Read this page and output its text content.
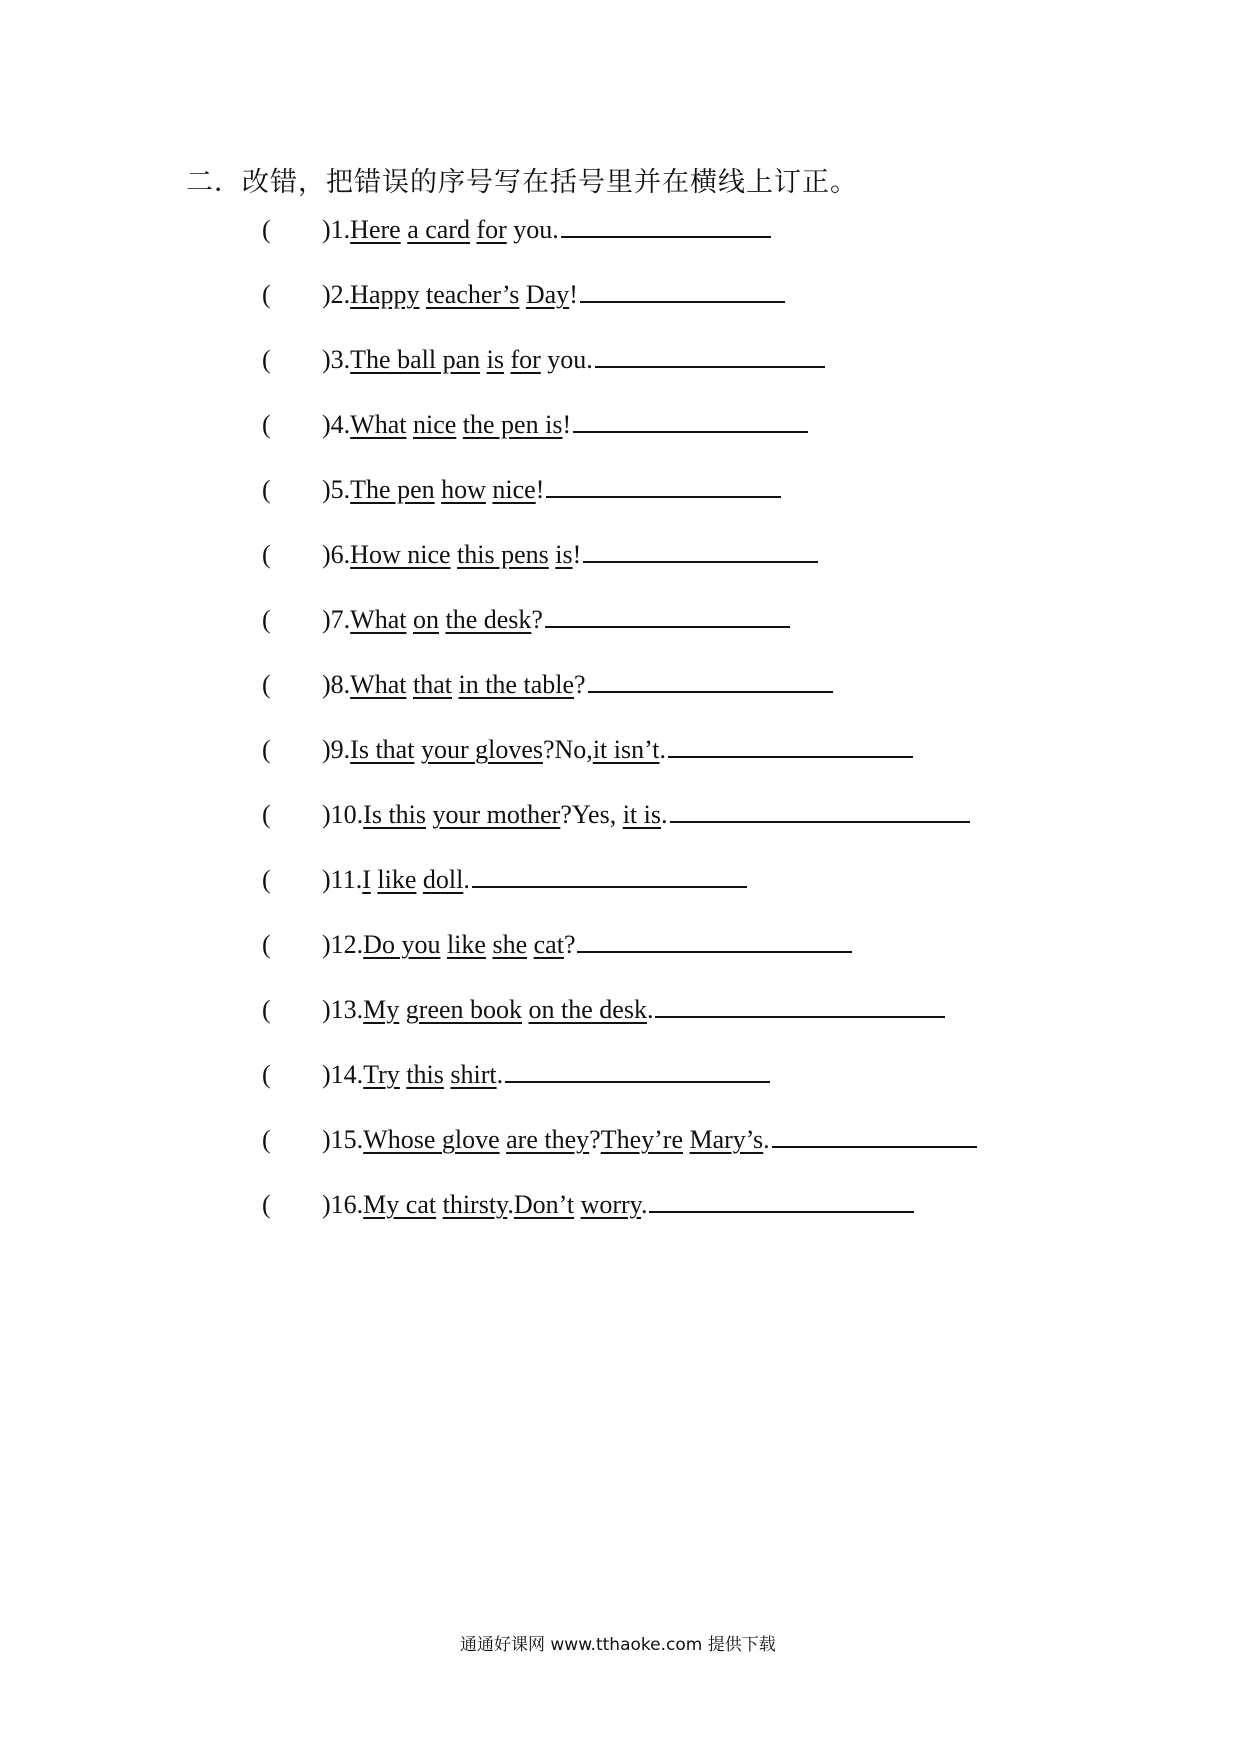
二．改错，把错误的序号写在括号里并在横线上订正。
( )1.Here a card for you.
( )2.Happy teacher’s Day!
( )3.The ball pan is for you.
( )4.What nice the pen is!
( )5.The pen how nice!
( )6.How nice this pens is!
( )7.What on the desk?
( )8.What that in the table?
( )9.Is that your gloves?No,it isn’t.
( )10.Is this your mother?Yes, it is.
( )11.I like doll.
( )12.Do you like she cat?
( )13.My green book on the desk.
( )14.Try this shirt.
( )15.Whose glove are they?They’re Mary’s.
( )16.My cat thirsty.Don’t worry.
通通好课网 www.tthaoke.com 提供下载
